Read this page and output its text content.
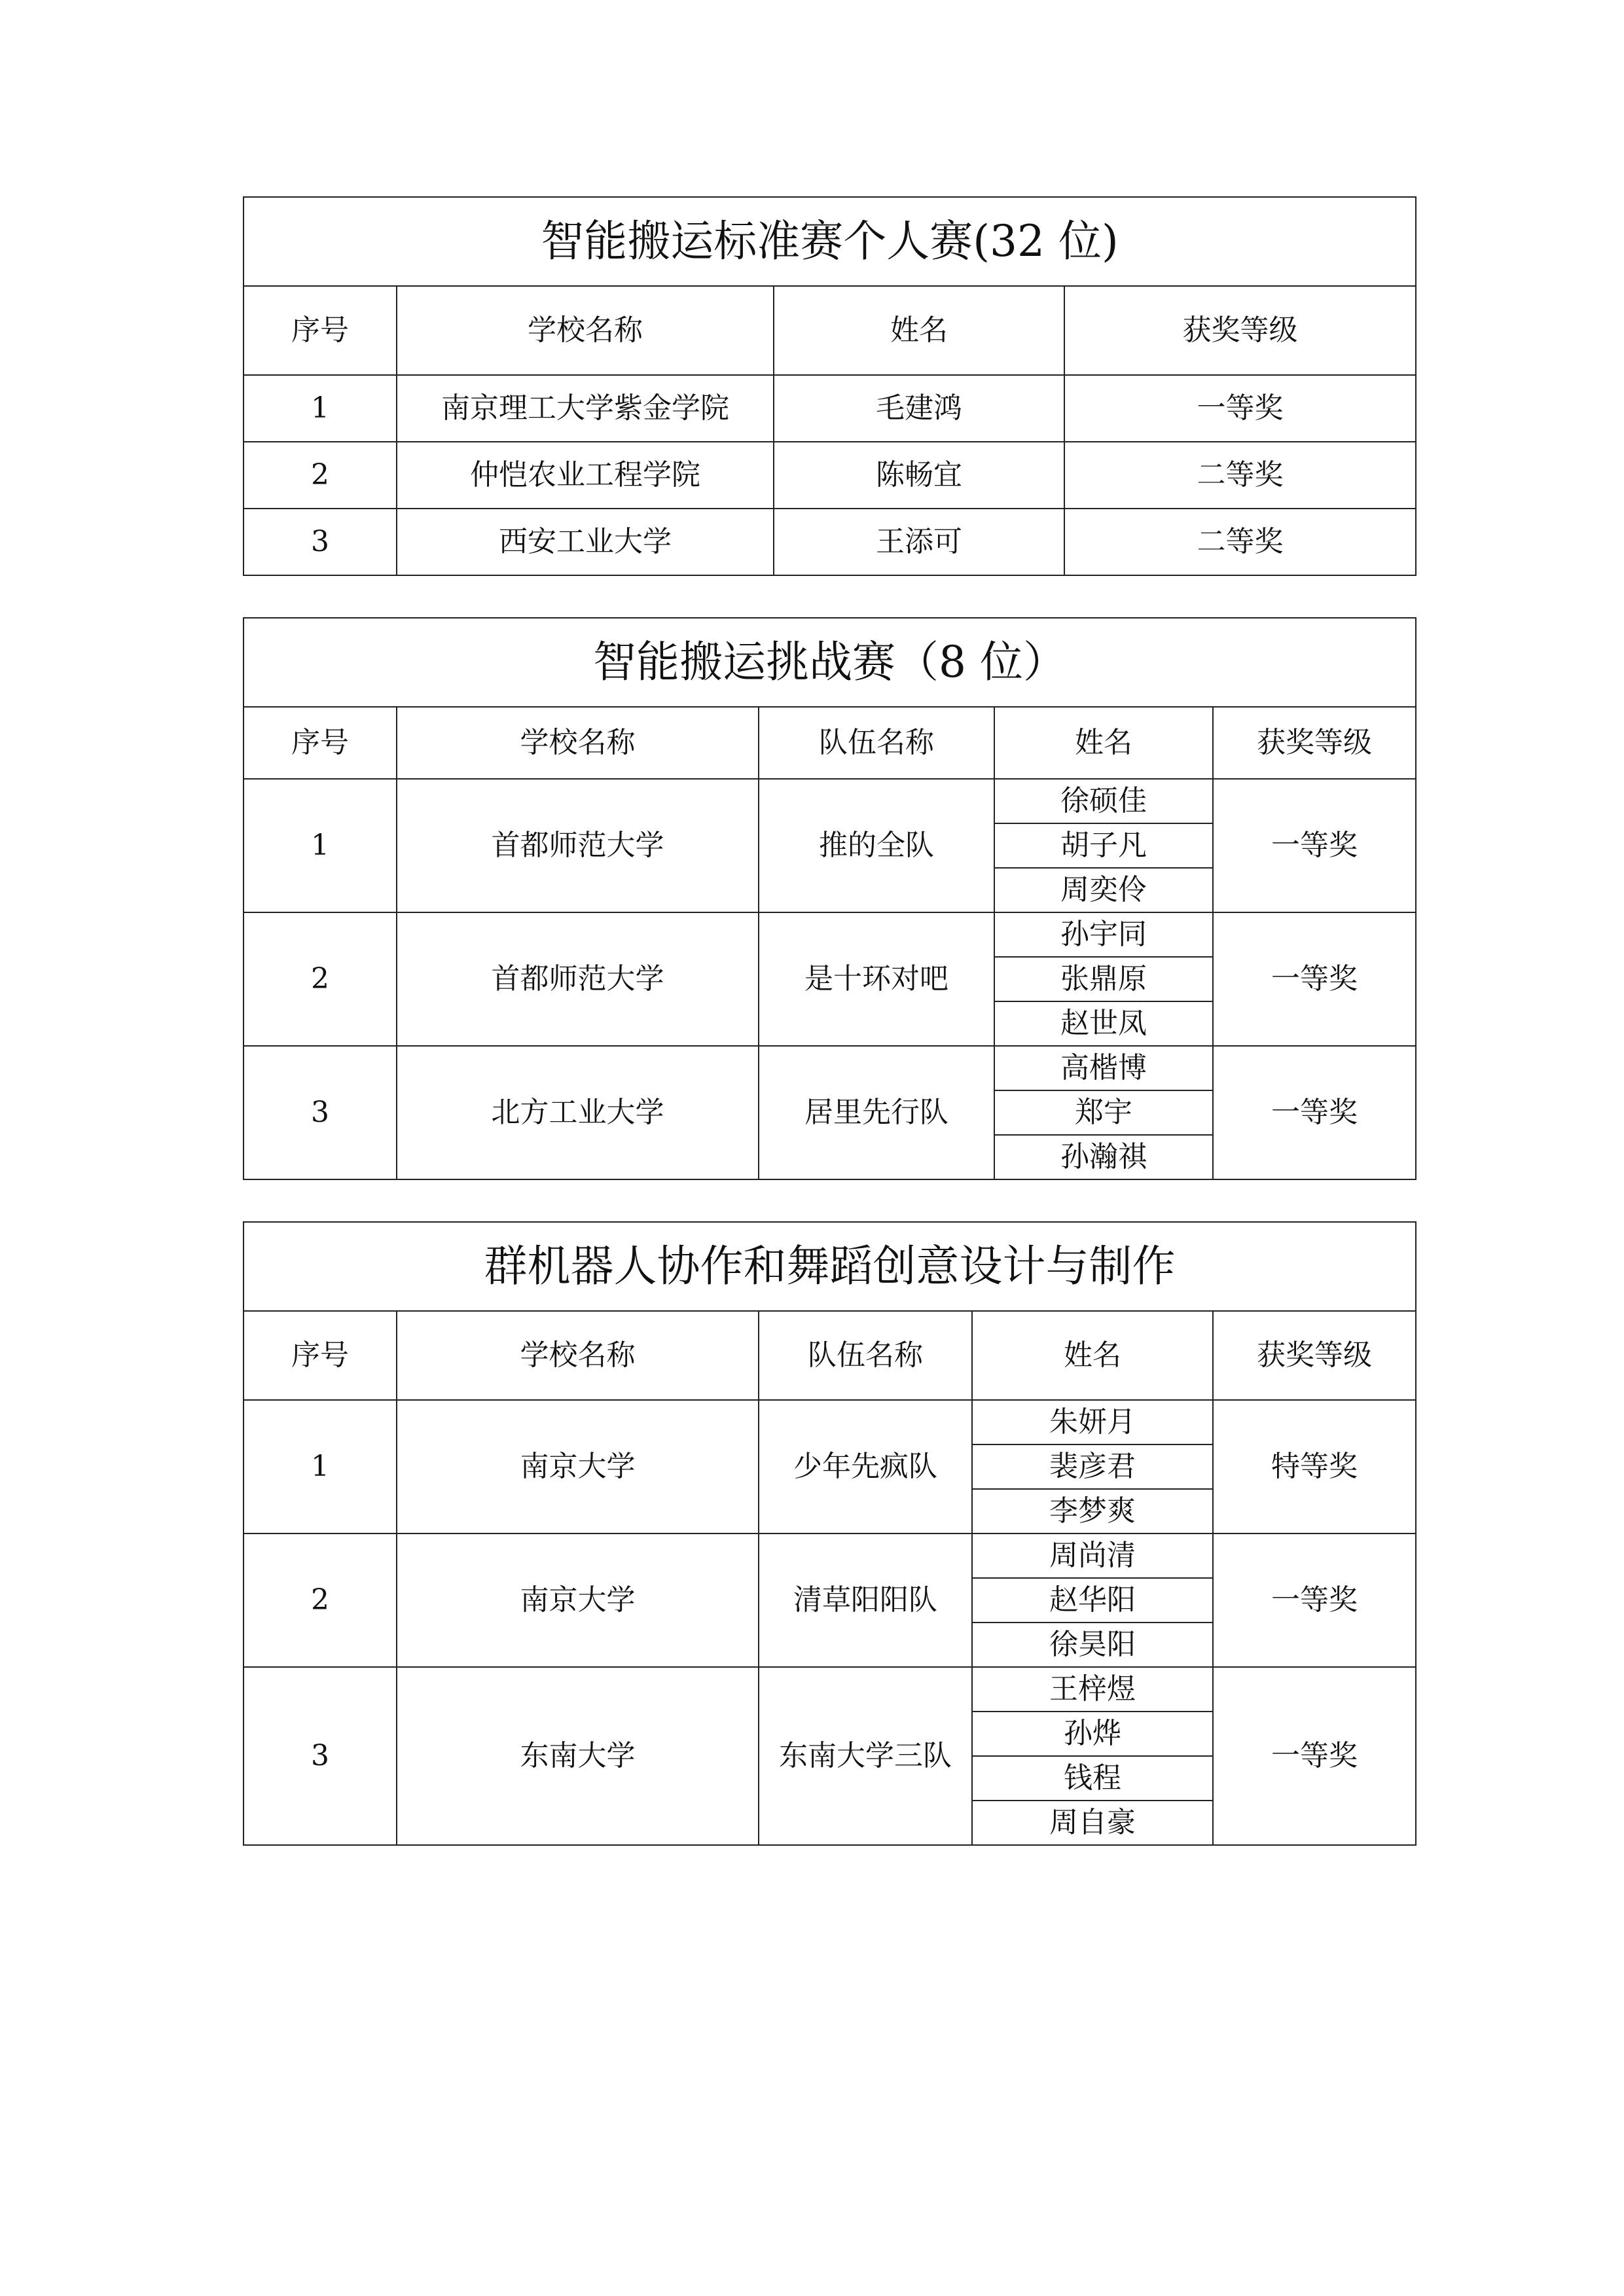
智能搬运标准赛个人赛(32 位)			
序号	学校名称	姓名	获奖等级
1	南京理工大学紫金学院	毛建鸿	一等奖
2	仲恺农业工程学院	陈畅宜	二等奖
3	西安工业大学	王添可	二等奖
智能搬运挑战赛（8 位）				
序号	学校名称	队伍名称	姓名	获奖等级
1	首都师范大学	推的全队	徐硕佳	一等奖
			胡子凡	
			周奕伶	
2	首都师范大学	是十环对吧	孙宇同	一等奖
			张鼎原	
			赵世凤	
3	北方工业大学	居里先行队	高楷博	一等奖
			郑宇	
			孙瀚祺	
群机器人协作和舞蹈创意设计与制作				
序号	学校名称	队伍名称	姓名	获奖等级
1	南京大学	少年先疯队	朱妍月	特等奖
			裴彦君	
			李梦爽	
2	南京大学	清草阳阳队	周尚清	一等奖
			赵华阳	
			徐昊阳	
3	东南大学	东南大学三队	王梓煜	一等奖
			孙烨	
			钱程	
			周自豪	
